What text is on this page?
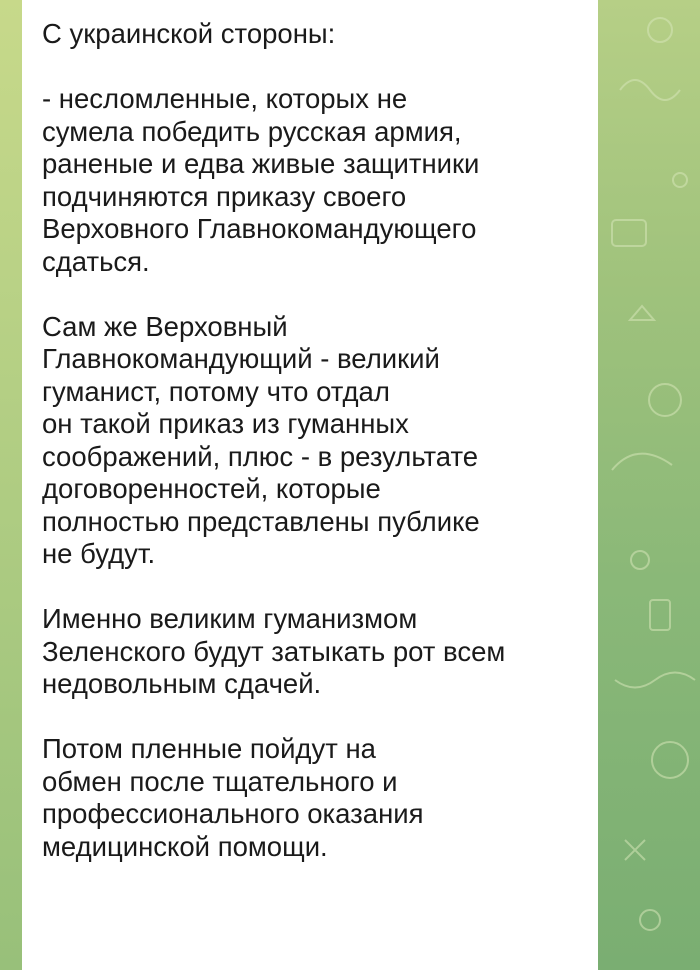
С украинской стороны:
- несломленные, которых не
сумела победить русская армия,
раненые и едва живые защитники
подчиняются приказу своего
Верховного Главнокомандующего
сдаться.
Сам же Верховный
Главнокомандующий - великий
гуманист, потому что отдал
он такой приказ из гуманных
соображений, плюс - в результате
договоренностей, которые
полностью представлены публике
не будут.
Именно великим гуманизмом
Зеленского будут затыкать рот всем
недовольным сдачей.
Потом пленные пойдут на
обмен после тщательного и
профессионального оказания
медицинской помощи.
